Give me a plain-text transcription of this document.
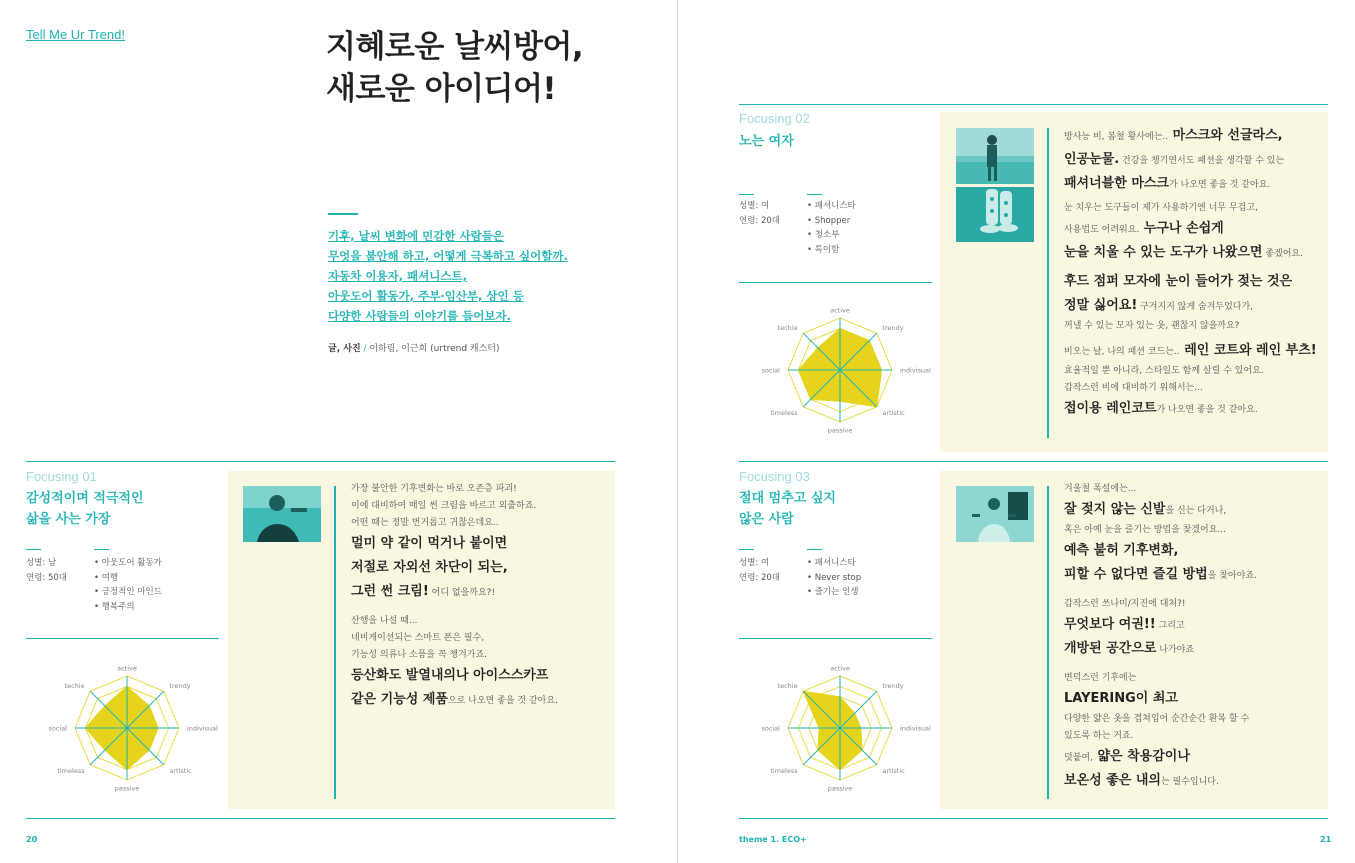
Tell Me Ur Trend!	지혜로운 날씨방어,
새로운 아이디어!
기후, 날씨 변화에 민감한 사람들은
무엇을 불안해 하고, 어떻게 극복하고 싶어할까.
자동차 이용자, 패셔니스트,
아웃도어 활동가, 주부·임산부, 상인 등
다양한 사람들의 이야기를 들어보자.
글, 사진 / 이하림, 이근희 (urtrend 캐스터)
Focusing 01
감성적이며 적극적인
삶을 사는 가장
성별: 남
연령: 50대
• 아웃도어 활동가
• 여행
• 긍정적인 마인드
• 행복주의
active
trendy
indivisual
artistic
passive
timeless
social
techie
가장 불안한 기후변화는 바로 오존층 파괴!
이에 대비하여 매일 썬 크림을 바르고 외출하죠.
어떤 때는 정말 번거롭고 귀찮은데요..
멀미 약 같이 먹거나 붙이면
저절로 자외선 차단이 되는,
그런 썬 크림! 어디 없을까요?!
산행을 나설 때...
네비게이션되는 스마트 폰은 필수,
기능성 의류나 소품을 꼭 챙겨가죠.
등산화도 발열내의나 아이스스카프
같은 기능성 제품으로 나오면 좋을 것 같아요.
20
Focusing 02
노는 여자
성별: 여
연령: 20대
• 패셔니스타
• Shopper
• 청소부
• 특이함
active
trendy
indivisual
artistic
passive
timeless
social
techie
방사능 비, 봄철 황사에는.. 마스크와 선글라스,
인공눈물. 건강을 챙기면서도 패션을 생각할 수 있는
패셔너블한 마스크가 나오면 좋을 것 같아요.
눈 치우는 도구들이 제가 사용하기엔 너무 무겁고,
사용법도 어려워요. 누구나 손쉽게
눈을 치울 수 있는 도구가 나왔으면 좋겠어요.
후드 점퍼 모자에 눈이 들어가 젖는 것은
정말 싫어요! 구겨지지 않게 숨겨두었다가,
꺼낼 수 있는 모자 있는 옷, 괜찮지 않을까요?
비오는 날, 나의 패션 코드는.. 레인 코트와 레인 부츠!
효율적일 뿐 아니라, 스타일도 함께 살릴 수 있어요.
갑작스런 비에 대비하기 위해서는...
접이용 레인코트가 나오면 좋을 것 같아요.
Focusing 03
절대 멈추고 싶지
않은 사람
성별: 여
연령: 20대
• 패셔니스타
• Never stop
• 즐기는 인생
active
trendy
indivisual
artistic
passive
timeless
social
techie
겨울철 폭설에는...
잘 젖지 않는 신발을 신는 다거나,
혹은 아예 눈을 즐기는 방법을 찾겠어요...
예측 불허 기후변화,
피할 수 없다면 즐길 방법을 찾아야죠.
갑작스런 쓰나미/지진에 대처?!
무엇보다 여권!! 그리고
개방된 공간으로 나가야죠
변덕스런 기후에는
LAYERING이 최고
다양한 얇은 옷을 겹쳐입어 순간순간 환복 할 수
있도록 하는 거죠.
덧붙여, 얇은 착용감이나
보온성 좋은 내의는 필수입니다.
theme 1. ECO+	21
